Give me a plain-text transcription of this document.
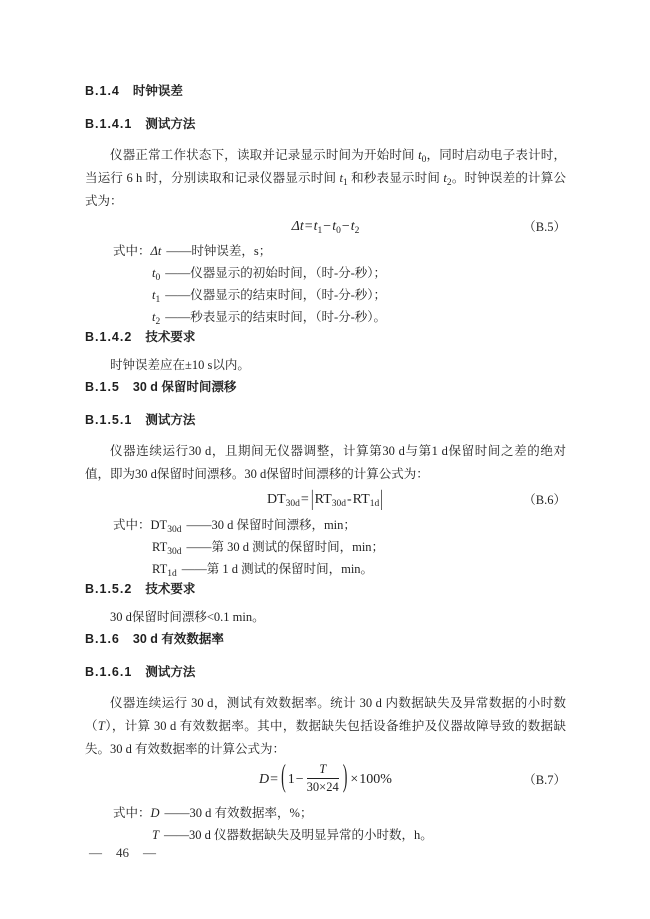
B.1.4 时钟误差
B.1.4.1 测试方法

仪器正常工作状态下，读取并记录显示时间为开始时间 $t_0$，同时启动电子表计时，当运行 6 h 时，分别读取和记录仪器显示时间 $t_1$ 和秒表显示时间 $t_2$。时钟误差的计算公式为：

$\Delta t=t_1-t_0-t_2$	（B.5）
式中：Δt ——时钟误差，s；
$t_0$ ——仪器显示的初始时间，（时-分-秒）；
$t_1$ ——仪器显示的结束时间，（时-分-秒）；
$t_2$ ——秒表显示的结束时间，（时-分-秒）。
B.1.4.2 技术要求

时钟误差应在±10 s以内。

B.1.5 30 d 保留时间漂移
B.1.5.1 测试方法

仪器连续运行30 d，且期间无仪器调整，计算第30 d与第1 d保留时间之差的绝对值，即为30 d保留时间漂移。30 d保留时间漂移的计算公式为：

$DT_{30d}= |RT_{30d}-RT_{1d}|$	（B.6）
式中：$DT_{30d}$ ——30 d 保留时间漂移，min；
$RT_{30d}$ ——第 30 d 测试的保留时间，min；
$RT_{1d}$ ——第 1 d 测试的保留时间，min。
B.1.5.2 技术要求

30 d保留时间漂移<0.1 min。

B.1.6 30 d 有效数据率
B.1.6.1 测试方法

仪器连续运行 30 d，测试有效数据率。统计 30 d 内数据缺失及异常数据的小时数（T），计算 30 d 有效数据率。其中，数据缺失包括设备维护及仪器故障导致的数据缺失。30 d 有效数据率的计算公式为：

D= ( $1- \frac{T}{30\times 24}$ ) ×100%	（B.7）
式中：D ——30 d 有效数据率，%；
T ——30 d 仪器数据缺失及明显异常的小时数，h。
— 46 —
